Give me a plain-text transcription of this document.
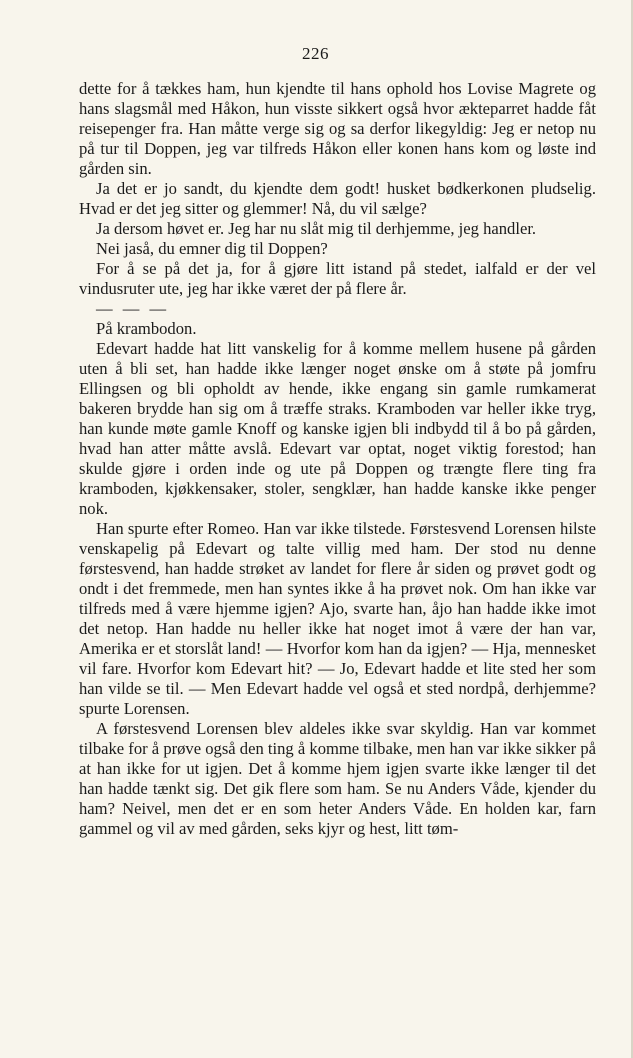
226

dette for å tækkes ham, hun kjendte til hans ophold hos Lovise Magrete og hans slagsmål med Håkon, hun visste sikkert også hvor ækteparret hadde fåt reisepenger fra. Han måtte verge sig og sa derfor likegyldig: Jeg er netop nu på tur til Doppen, jeg var tilfreds Håkon eller konen hans kom og løste ind gården sin.

Ja det er jo sandt, du kjendte dem godt! husket bødkerkonen pludselig. Hvad er det jeg sitter og glemmer! Nå, du vil sælge?

Ja dersom høvet er. Jeg har nu slåt mig til derhjemme, jeg handler.

Nei jaså, du emner dig til Doppen?

For å se på det ja, for å gjøre litt istand på stedet, ialfald er der vel vindusruter ute, jeg har ikke været der på flere år.

— — —

På krambodon.

Edevart hadde hat litt vanskelig for å komme mellem husene på gården uten å bli set, han hadde ikke længer noget ønske om å støte på jomfru Ellingsen og bli opholdt av hende, ikke engang sin gamle rumkamerat bakeren brydde han sig om å træffe straks. Kramboden var heller ikke tryg, han kunde møte gamle Knoff og kanske igjen bli indbydd til å bo på gården, hvad han atter måtte avslå. Edevart var optat, noget viktig forestod; han skulde gjøre i orden inde og ute på Doppen og trængte flere ting fra kramboden, kjøkkensaker, stoler, sengklær, han hadde kanske ikke penger nok.

Han spurte efter Romeo. Han var ikke tilstede. Førstesvend Lorensen hilste venskapelig på Edevart og talte villig med ham. Der stod nu denne førstesvend, han hadde strøket av landet for flere år siden og prøvet godt og ondt i det fremmede, men han syntes ikke å ha prøvet nok. Om han ikke var tilfreds med å være hjemme igjen? Ajo, svarte han, åjo han hadde ikke imot det netop. Han hadde nu heller ikke hat noget imot å være der han var, Amerika er et storslåt land! — Hvorfor kom han da igjen? — Hja, mennesket vil fare. Hvorfor kom Edevart hit? — Jo, Edevart hadde et lite sted her som han vilde se til. — Men Edevart hadde vel også et sted nordpå, derhjemme? spurte Lorensen.

A førstesvend Lorensen blev aldeles ikke svar skyldig. Han var kommet tilbake for å prøve også den ting å komme tilbake, men han var ikke sikker på at han ikke for ut igjen. Det å komme hjem igjen svarte ikke længer til det han hadde tænkt sig. Det gik flere som ham. Se nu Anders Våde, kjender du ham? Neivel, men det er en som heter Anders Våde. En holden kar, farn gammel og vil av med gården, seks kjyr og hest, litt tøm-
